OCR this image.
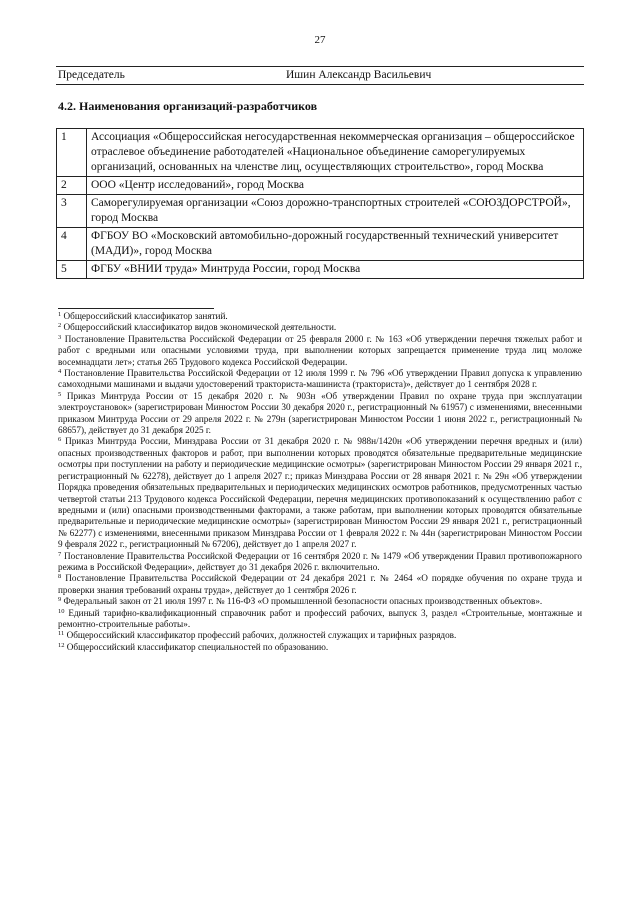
27
Председатель	Ишин Александр Васильевич
4.2. Наименования организаций-разработчиков
1	Ассоциация «Общероссийская негосударственная некоммерческая организация – общероссийское отраслевое объединение работодателей «Национальное объединение саморегулируемых организаций, основанных на членстве лиц, осуществляющих строительство», город Москва
2	ООО «Центр исследований», город Москва
3	Саморегулируемая организации «Союз дорожно-транспортных строителей «СОЮЗДОРСТРОЙ», город Москва
4	ФГБОУ ВО «Московский автомобильно-дорожный государственный технический университет (МАДИ)», город Москва
5	ФГБУ «ВНИИ труда» Минтруда России, город Москва

$^1$ Общероссийский классификатор занятий.

$^2$ Общероссийский классификатор видов экономической деятельности.

$^3$ Постановление Правительства Российской Федерации от 25 февраля 2000 г. № 163 «Об утверждении перечня тяжелых работ и работ с вредными или опасными условиями труда, при выполнении которых запрещается применение труда лиц моложе восемнадцати лет»; статья 265 Трудового кодекса Российской Федерации.

$^4$ Постановление Правительства Российской Федерации от 12 июля 1999 г. № 796 «Об утверждении Правил допуска к управлению самоходными машинами и выдачи удостоверений тракториста-машиниста (тракториста)», действует до 1 сентября 2028 г.

$^5$ Приказ Минтруда России от 15 декабря 2020 г. № 903н «Об утверждении Правил по охране труда при эксплуатации электроустановок» (зарегистрирован Минюстом России 30 декабря 2020 г., регистрационный № 61957) с изменениями, внесенными приказом Минтруда России от 29 апреля 2022 г. № 279н (зарегистрирован Минюстом России 1 июня 2022 г., регистрационный № 68657), действует до 31 декабря 2025 г.

$^6$ Приказ Минтруда России, Минздрава России от 31 декабря 2020 г. № 988н/1420н «Об утверждении перечня вредных и (или) опасных производственных факторов и работ, при выполнении которых проводятся обязательные предварительные медицинские осмотры при поступлении на работу и периодические медицинские осмотры» (зарегистрирован Минюстом России 29 января 2021 г., регистрационный № 62278), действует до 1 апреля 2027 г.; приказ Минздрава России от 28 января 2021 г. № 29н «Об утверждении Порядка проведения обязательных предварительных и периодических медицинских осмотров работников, предусмотренных частью четвертой статьи 213 Трудового кодекса Российской Федерации, перечня медицинских противопоказаний к осуществлению работ с вредными и (или) опасными производственными факторами, а также работам, при выполнении которых проводятся обязательные предварительные и периодические медицинские осмотры» (зарегистрирован Минюстом России 29 января 2021 г., регистрационный № 62277) с изменениями, внесенными приказом Минздрава России от 1 февраля 2022 г. № 44н (зарегистрирован Минюстом России 9 февраля 2022 г., регистрационный № 67206), действует до 1 апреля 2027 г.

$^7$ Постановление Правительства Российской Федерации от 16 сентября 2020 г. № 1479 «Об утверждении Правил противопожарного режима в Российской Федерации», действует до 31 декабря 2026 г. включительно.

$^8$ Постановление Правительства Российской Федерации от 24 декабря 2021 г. № 2464 «О порядке обучения по охране труда и проверки знания требований охраны труда», действует до 1 сентября 2026 г.

$^9$ Федеральный закон от 21 июля 1997 г. № 116-ФЗ «О промышленной безопасности опасных производственных объектов».

$^{10}$ Единый тарифно-квалификационный справочник работ и профессий рабочих, выпуск 3, раздел «Строительные, монтажные и ремонтно-строительные работы».

$^{11}$ Общероссийский классификатор профессий рабочих, должностей служащих и тарифных разрядов.

$^{12}$ Общероссийский классификатор специальностей по образованию.
